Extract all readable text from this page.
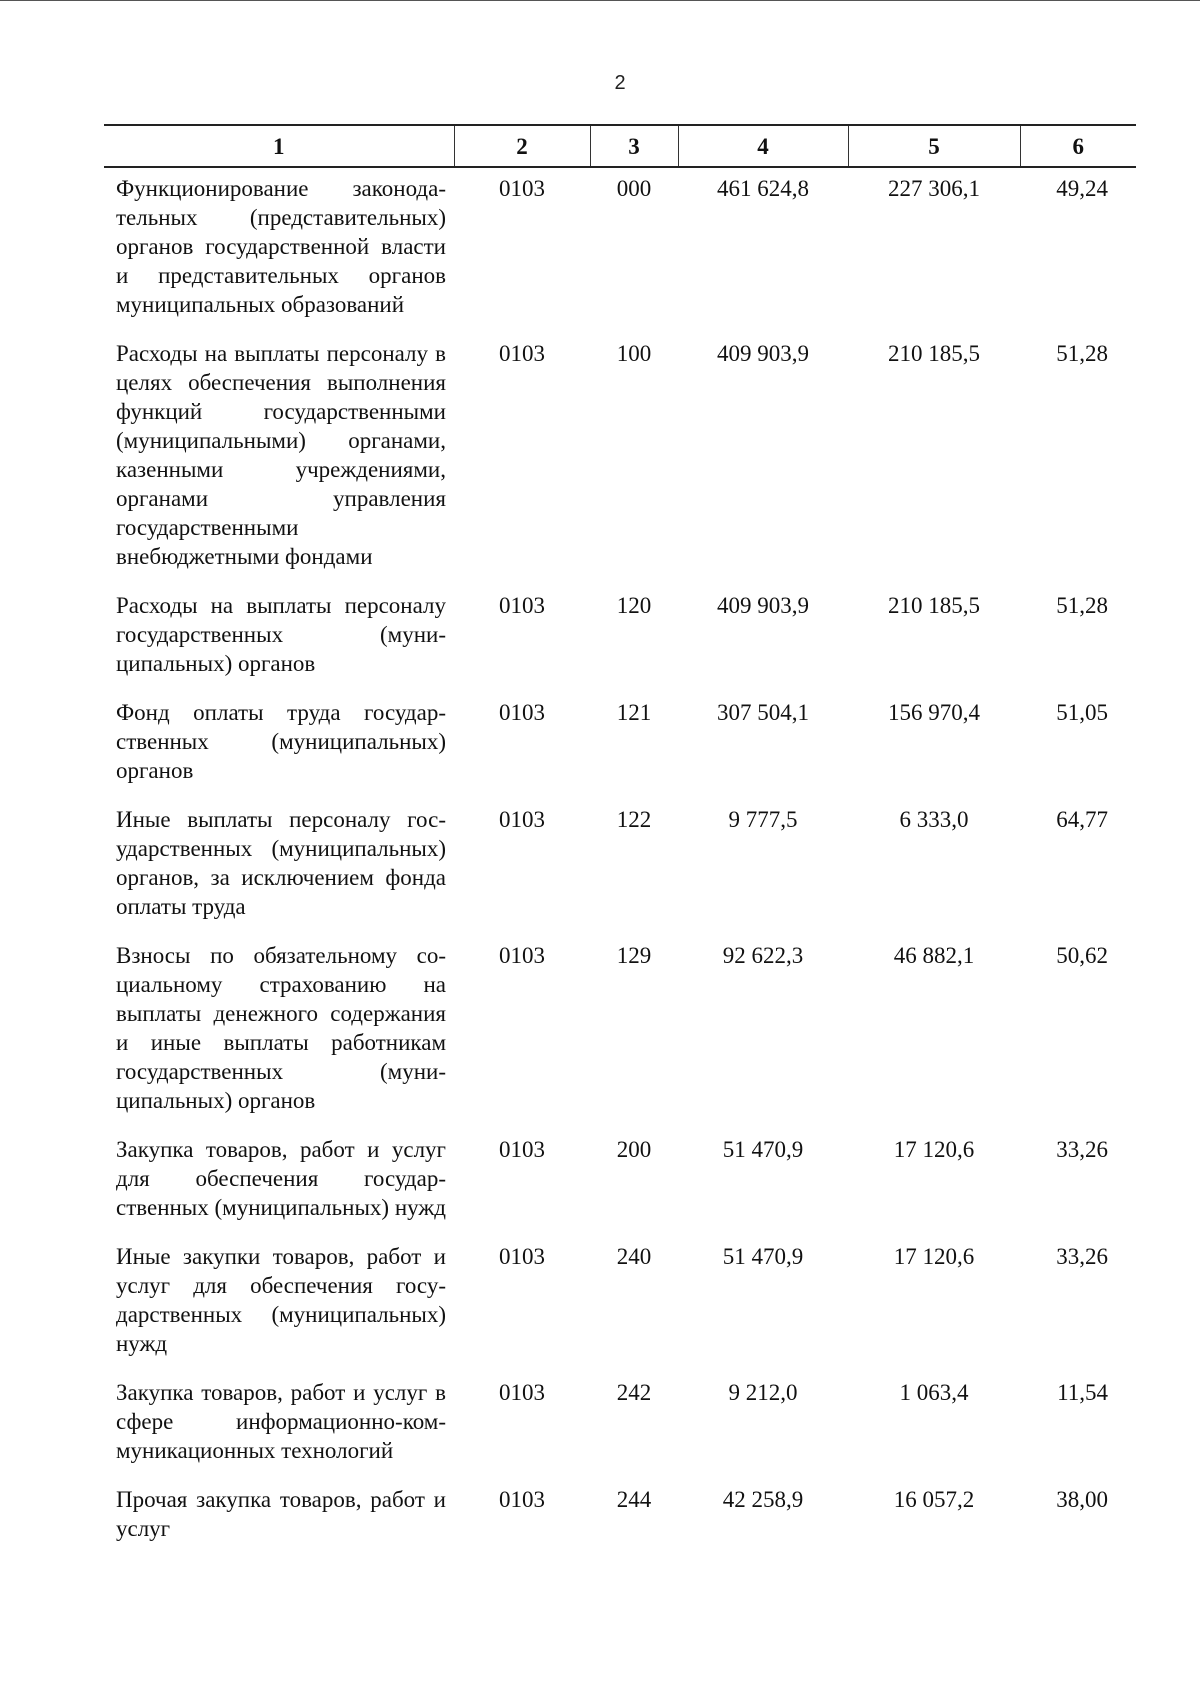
2
1	2	3	4	5	6

Функционирование законодательных (представительных) органов государственной власти и представительных органов муниципальных образований	0103	000	461 624,8	227 306,1	49,24

Расходы на выплаты персоналу в целях обеспечения выполнения функций государственными (муниципальными) органами, казенными учреждениями, органами управления государственными внебюджетными фондами	0103	100	409 903,9	210 185,5	51,28

Расходы на выплаты персоналу государственных (муниципальных) органов	0103	120	409 903,9	210 185,5	51,28

Фонд оплаты труда государственных (муниципальных) органов	0103	121	307 504,1	156 970,4	51,05

Иные выплаты персоналу государственных (муниципальных) органов, за исключением фонда оплаты труда	0103	122	9 777,5	6 333,0	64,77

Взносы по обязательному социальному страхованию на выплаты денежного содержания и иные выплаты работникам государственных (муниципальных) органов	0103	129	92 622,3	46 882,1	50,62

Закупка товаров, работ и услуг для обеспечения государственных (муниципальных) нужд	0103	200	51 470,9	17 120,6	33,26

Иные закупки товаров, работ и услуг для обеспечения государственных (муниципальных) нужд	0103	240	51 470,9	17 120,6	33,26

Закупка товаров, работ и услуг в сфере информационно-коммуникационных технологий	0103	242	9 212,0	1 063,4	11,54

Прочая закупка товаров, работ и услуг	0103	244	42 258,9	16 057,2	38,00
